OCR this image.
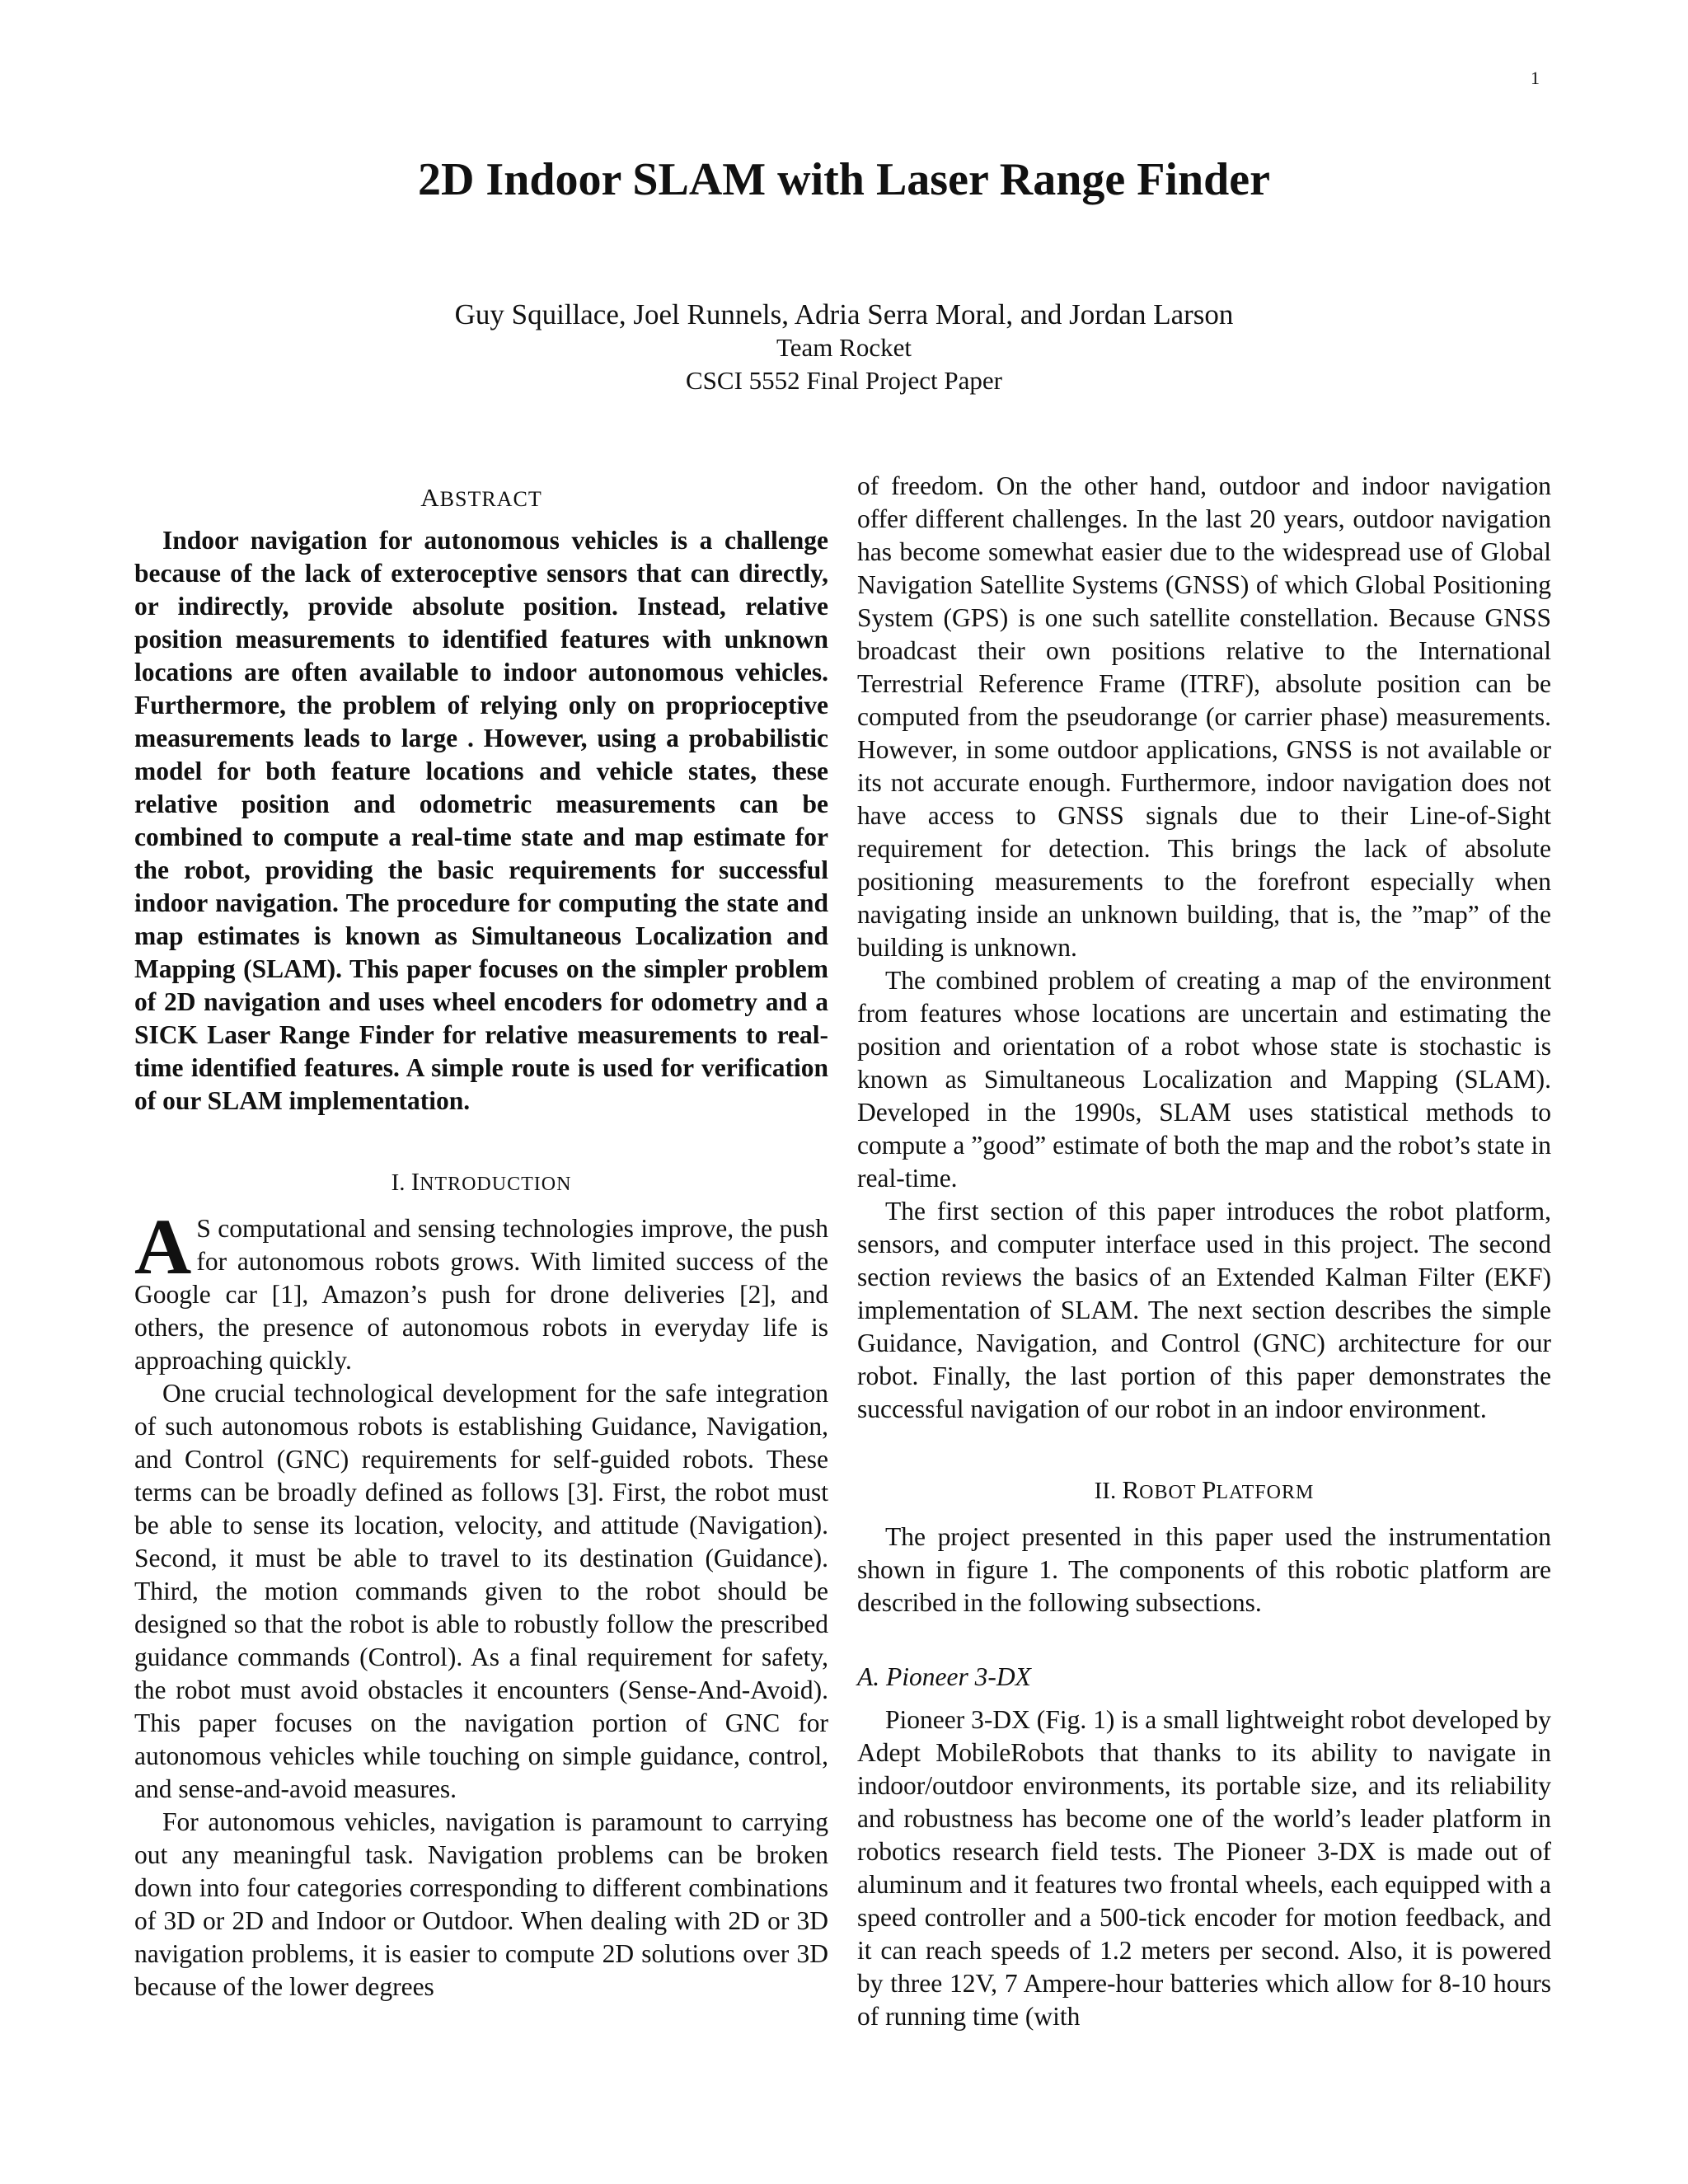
1
2D Indoor SLAM with Laser Range Finder
Guy Squillace, Joel Runnels, Adria Serra Moral, and Jordan Larson
Team Rocket
CSCI 5552 Final Project Paper
ABSTRACT

Indoor navigation for autonomous vehicles is a challenge because of the lack of exteroceptive sensors that can directly, or indirectly, provide absolute position. Instead, relative position measurements to identified features with unknown locations are often available to indoor autonomous vehicles. Furthermore, the problem of relying only on proprioceptive measurements leads to large . However, using a probabilistic model for both feature locations and vehicle states, these relative position and odometric measurements can be combined to compute a real-time state and map estimate for the robot, providing the basic requirements for successful indoor navigation. The procedure for computing the state and map estimates is known as Simultaneous Localization and Mapping (SLAM). This paper focuses on the simpler problem of 2D navigation and uses wheel encoders for odometry and a SICK Laser Range Finder for relative measurements to real-time identified features. A simple route is used for verification of our SLAM implementation.

I. INTRODUCTION

A S computational and sensing technologies improve, the push for autonomous robots grows. With limited success of the Google car [1], Amazon’s push for drone deliveries [2], and others, the presence of autonomous robots in everyday life is approaching quickly.

One crucial technological development for the safe integration of such autonomous robots is establishing Guidance, Navigation, and Control (GNC) requirements for self-guided robots. These terms can be broadly defined as follows [3]. First, the robot must be able to sense its location, velocity, and attitude (Navigation). Second, it must be able to travel to its destination (Guidance). Third, the motion commands given to the robot should be designed so that the robot is able to robustly follow the prescribed guidance commands (Control). As a final requirement for safety, the robot must avoid obstacles it encounters (Sense-And-Avoid). This paper focuses on the navigation portion of GNC for autonomous vehicles while touching on simple guidance, control, and sense-and-avoid measures.

For autonomous vehicles, navigation is paramount to carrying out any meaningful task. Navigation problems can be broken down into four categories corresponding to different combinations of 3D or 2D and Indoor or Outdoor. When dealing with 2D or 3D navigation problems, it is easier to compute 2D solutions over 3D because of the lower degrees

of freedom. On the other hand, outdoor and indoor navigation offer different challenges. In the last 20 years, outdoor navigation has become somewhat easier due to the widespread use of Global Navigation Satellite Systems (GNSS) of which Global Positioning System (GPS) is one such satellite constellation. Because GNSS broadcast their own positions relative to the International Terrestrial Reference Frame (ITRF), absolute position can be computed from the pseudorange (or carrier phase) measurements. However, in some outdoor applications, GNSS is not available or its not accurate enough. Furthermore, indoor navigation does not have access to GNSS signals due to their Line-of-Sight requirement for detection. This brings the lack of absolute positioning measurements to the forefront especially when navigating inside an unknown building, that is, the ”map” of the building is unknown.

The combined problem of creating a map of the environment from features whose locations are uncertain and estimating the position and orientation of a robot whose state is stochastic is known as Simultaneous Localization and Mapping (SLAM). Developed in the 1990s, SLAM uses statistical methods to compute a ”good” estimate of both the map and the robot’s state in real-time.

The first section of this paper introduces the robot platform, sensors, and computer interface used in this project. The second section reviews the basics of an Extended Kalman Filter (EKF) implementation of SLAM. The next section describes the simple Guidance, Navigation, and Control (GNC) architecture for our robot. Finally, the last portion of this paper demonstrates the successful navigation of our robot in an indoor environment.

II. ROBOT PLATFORM

The project presented in this paper used the instrumentation shown in figure 1. The components of this robotic platform are described in the following subsections.

A. Pioneer 3-DX

Pioneer 3-DX (Fig. 1) is a small lightweight robot developed by Adept MobileRobots that thanks to its ability to navigate in indoor/outdoor environments, its portable size, and its reliability and robustness has become one of the world’s leader platform in robotics research field tests. The Pioneer 3-DX is made out of aluminum and it features two frontal wheels, each equipped with a speed controller and a 500-tick encoder for motion feedback, and it can reach speeds of 1.2 meters per second. Also, it is powered by three 12V, 7 Ampere-hour batteries which allow for 8-10 hours of running time (with
